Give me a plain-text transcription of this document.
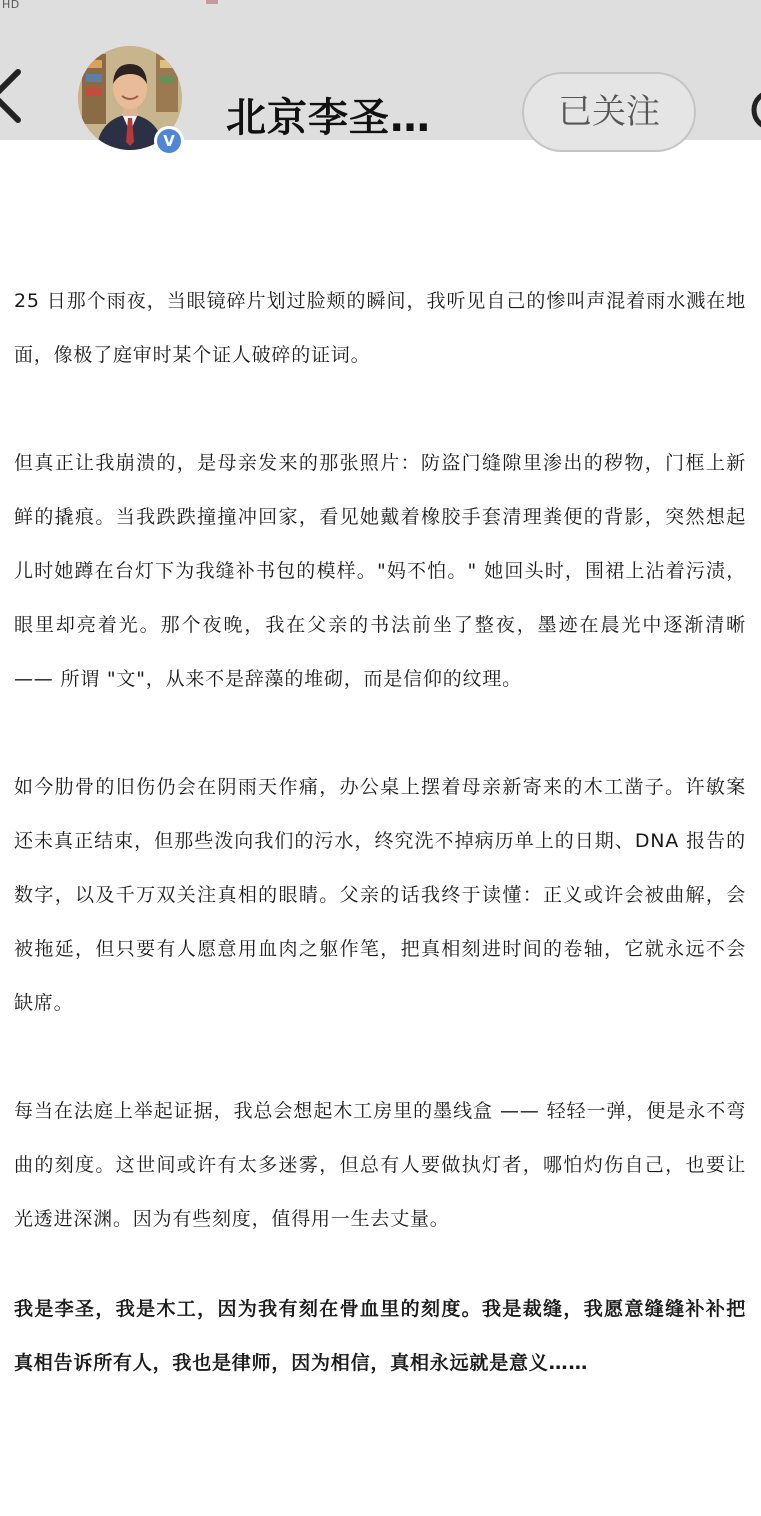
HD
V 北京李圣…	已关注

25 日那个雨夜，当眼镜碎片划过脸颊的瞬间，我听见自己的惨叫声混着雨水溅在地面，像极了庭审时某个证人破碎的证词。

但真正让我崩溃的，是母亲发来的那张照片：防盗门缝隙里渗出的秽物，门框上新鲜的撬痕。当我跌跌撞撞冲回家，看见她戴着橡胶手套清理粪便的背影，突然想起儿时她蹲在台灯下为我缝补书包的模样。"妈不怕。" 她回头时，围裙上沾着污渍，眼里却亮着光。那个夜晚，我在父亲的书法前坐了整夜，墨迹在晨光中逐渐清晰 —— 所谓 "文"，从来不是辞藻的堆砌，而是信仰的纹理。

如今肋骨的旧伤仍会在阴雨天作痛，办公桌上摆着母亲新寄来的木工凿子。许敏案还未真正结束，但那些泼向我们的污水，终究洗不掉病历单上的日期、DNA 报告的数字，以及千万双关注真相的眼睛。父亲的话我终于读懂：正义或许会被曲解，会被拖延，但只要有人愿意用血肉之躯作笔，把真相刻进时间的卷轴，它就永远不会缺席。

每当在法庭上举起证据，我总会想起木工房里的墨线盒 —— 轻轻一弹，便是永不弯曲的刻度。这世间或许有太多迷雾，但总有人要做执灯者，哪怕灼伤自己，也要让光透进深渊。因为有些刻度，值得用一生去丈量。

我是李圣，我是木工，因为我有刻在骨血里的刻度。我是裁缝，我愿意缝缝补补把真相告诉所有人，我也是律师，因为相信，真相永远就是意义……
